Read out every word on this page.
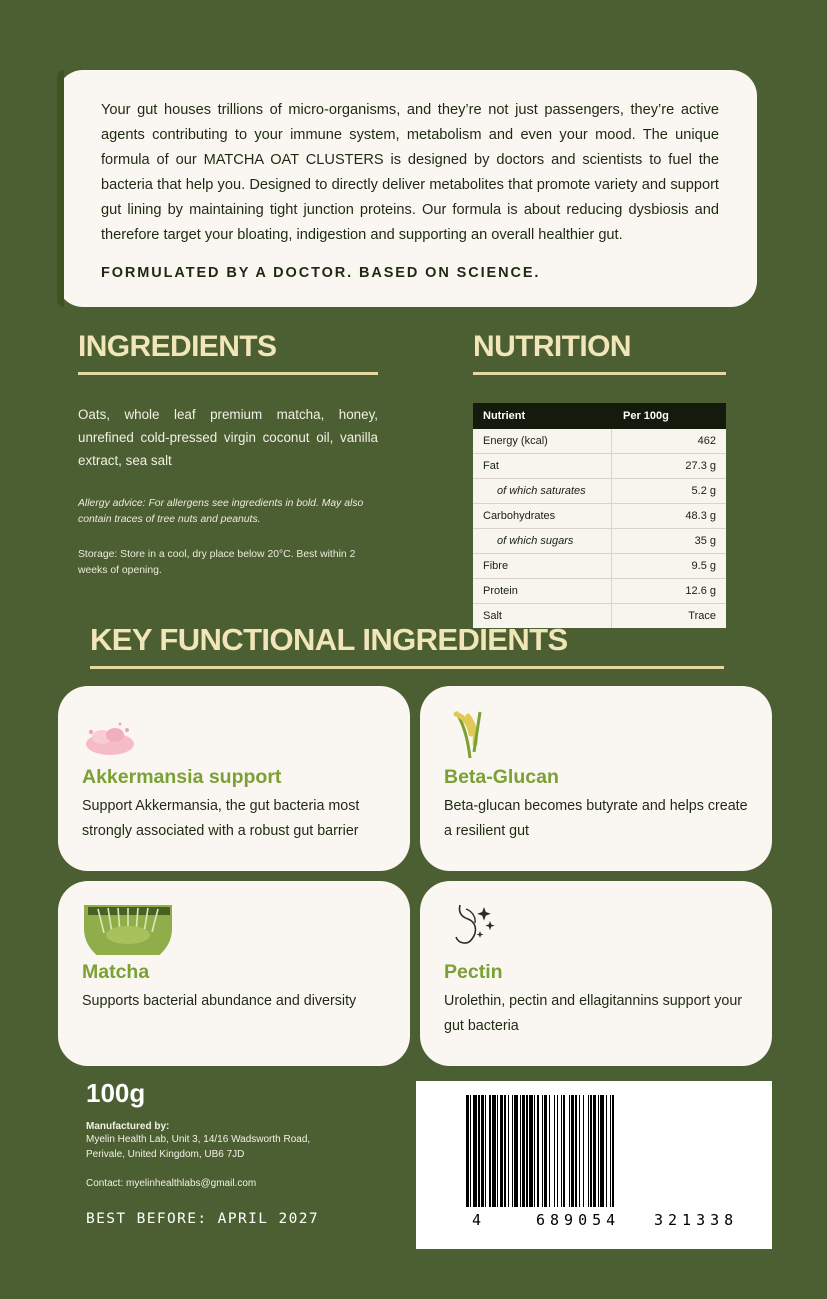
Your gut houses trillions of micro-organisms, and they’re not just passengers, they’re active agents contributing to your immune system, metabolism and even your mood. The unique formula of our MATCHA OAT CLUSTERS is designed by doctors and scientists to fuel the bacteria that help you. Designed to directly deliver metabolites that promote variety and support gut lining by maintaining tight junction proteins. Our formula is about reducing dysbiosis and therefore target your bloating, indigestion and supporting an overall healthier gut.

FORMULATED BY A DOCTOR. BASED ON SCIENCE.

INGREDIENTS

Oats, whole leaf premium matcha, honey, unrefined cold-pressed virgin coconut oil, vanilla extract, sea salt

Allergy advice: For allergens see ingredients in bold. May also contain traces of tree nuts and peanuts.

Storage: Store in a cool, dry place below 20°C. Best within 2 weeks of opening.

NUTRITION
Nutrient	Per 100g
Energy (kcal)	462
Fat	27.3 g
of which saturates	5.2 g
Carbohydrates	48.3 g
of which sugars	35 g
Fibre	9.5 g
Protein	12.6 g
Salt	Trace
KEY FUNCTIONAL INGREDIENTS
Akkermansia support
Support Akkermansia, the gut bacteria most strongly associated with a robust gut barrier
Beta-Glucan
Beta-glucan becomes butyrate and helps create a resilient gut
Matcha
Supports bacterial abundance and diversity
Pectin
Urolethin, pectin and ellagitannins support your gut bacteria
100g
Manufactured by:
Myelin Health Lab, Unit 3, 14/16 Wadsworth Road,
Perivale, United Kingdom, UB6 7JD
Contact: myelinhealthlabs@gmail.com
BEST BEFORE: APRIL 2027	4	689054 321338
